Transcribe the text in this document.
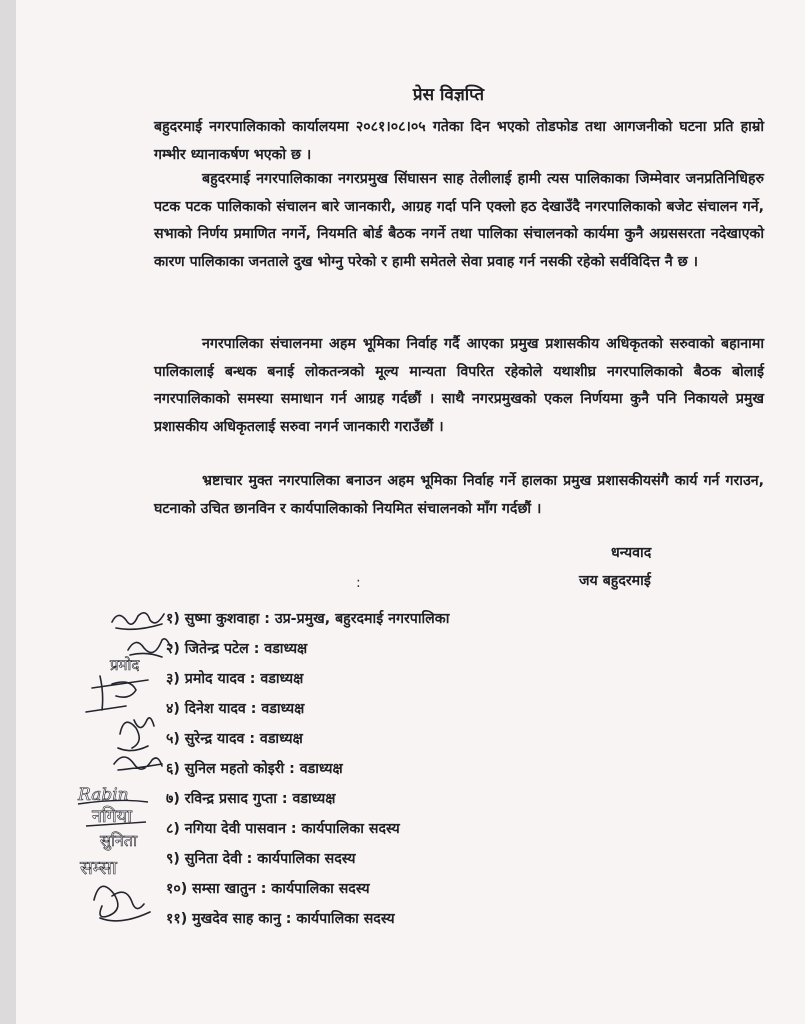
प्रेस विज्ञप्ति
बहुदरमाई नगरपालिकाको कार्यालयमा २०८१।०८।०५ गतेका दिन भएको तोडफोड तथा आगजनीको घटना प्रति हाम्रो गम्भीर ध्यानाकर्षण भएको छ ।
बहुदरमाई नगरपालिकाका नगरप्रमुख सिंघासन साह तेलीलाई हामी त्यस पालिकाका जिम्मेवार जनप्रतिनिधिहरु पटक पटक पालिकाको संचालन बारे जानकारी, आग्रह गर्दा पनि एक्लो हठ देखाउँदै नगरपालिकाको बजेट संचालन गर्ने, सभाको निर्णय प्रमाणित नगर्ने, नियमति बोर्ड बैठक नगर्ने तथा पालिका संचालनको कार्यमा कुनै अग्रससरता नदेखाएको कारण पालिकाका जनताले दुख भोग्नु परेको र हामी समेतले सेवा प्रवाह गर्न नसकी रहेको सर्वविदित्त नै छ ।
नगरपालिका संचालनमा अहम भूमिका निर्वाह गर्दै आएका प्रमुख प्रशासकीय अधिकृतको सरुवाको बहानामा पालिकालाई बन्धक बनाई लोकतन्त्रको मूल्य मान्यता विपरित रहेकोले यथाशीघ्र नगरपालिकाको बैठक बोलाई नगरपालिकाको समस्या समाधान गर्न आग्रह गर्दछौं । साथै नगरप्रमुखको एकल निर्णयमा कुनै पनि निकायले प्रमुख प्रशासकीय अधिकृतलाई सरुवा नगर्न जानकारी गराउँछौं ।
भ्रष्टाचार मुक्त नगरपालिका बनाउन अहम भूमिका निर्वाह गर्ने हालका प्रमुख प्रशासकीयसंगै कार्य गर्न गराउन, घटनाको उचित छानविन र कार्यपालिकाको नियमित संचालनको माँग गर्दछौं ।
धन्यवाद
जय बहुदरमाई
:
१) सुष्मा कुशवाहा : उप्र-प्रमुख, बहुरदमाई नगरपालिका
२) जितेन्द्र पटेल : वडाध्यक्ष
३) प्रमोद यादव : वडाध्यक्ष
४) दिनेश यादव : वडाध्यक्ष
५) सुरेन्द्र यादव : वडाध्यक्ष
६) सुनिल महतो कोइरी : वडाध्यक्ष
७) रविन्द्र प्रसाद गुप्ता : वडाध्यक्ष
८) नगिया देवी पासवान : कार्यपालिका सदस्य
९) सुनिता देवी : कार्यपालिका सदस्य
१०) सम्सा खातुन : कार्यपालिका सदस्य
११) मुखदेव साह कानु : कार्यपालिका सदस्य
प्रमोद
Rabin
नगिया
सुनिता
सम्सा
